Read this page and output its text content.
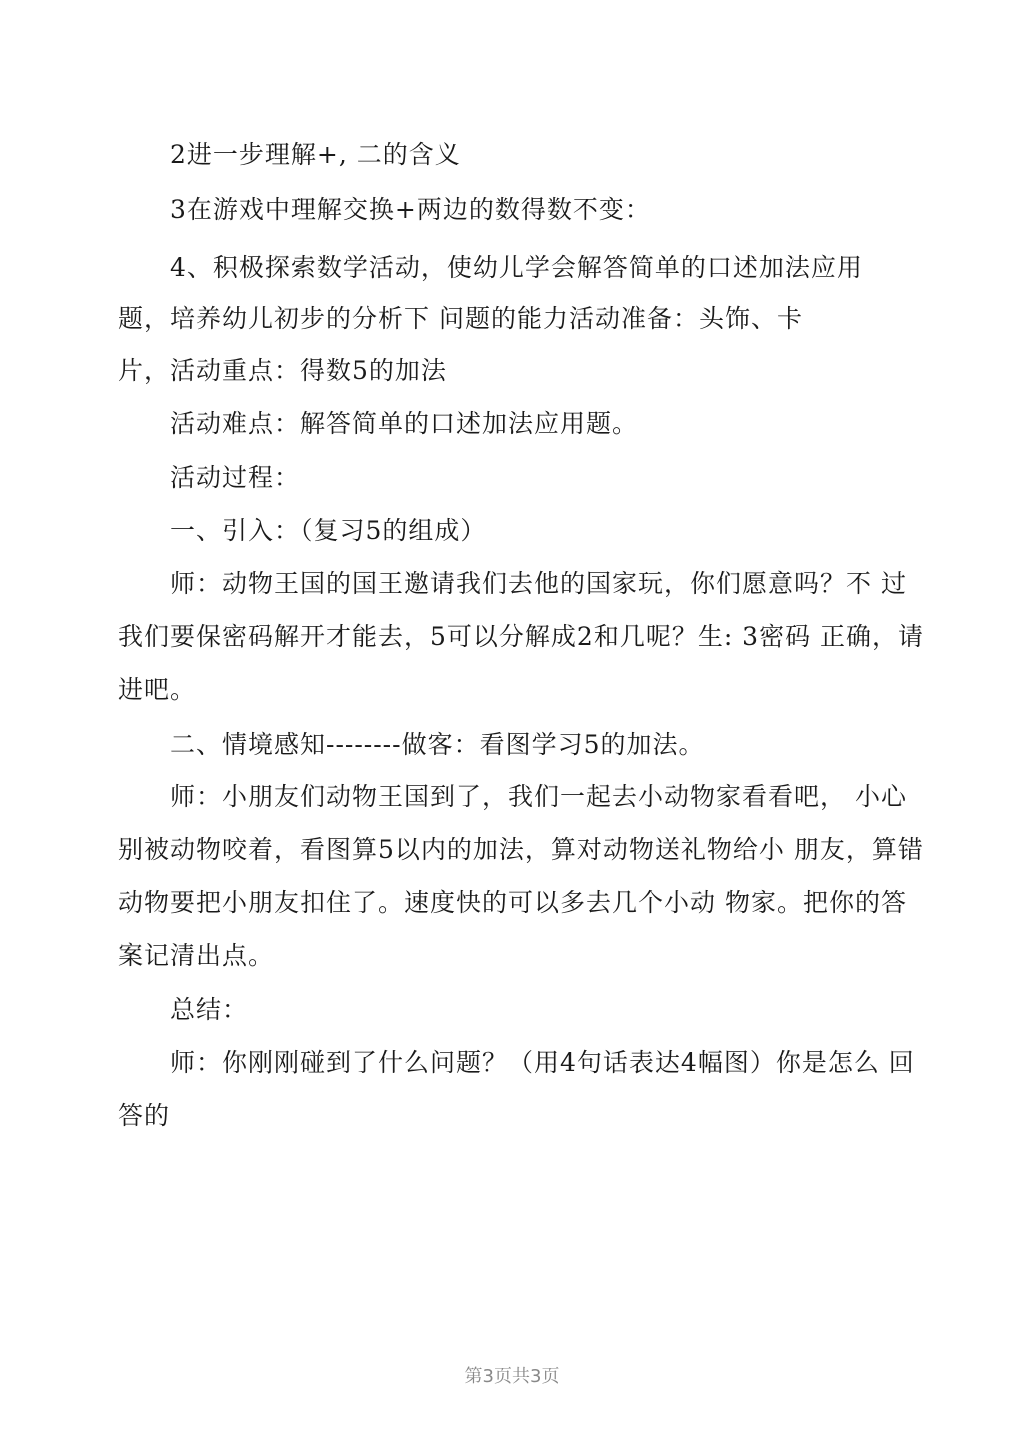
2进一步理解+, 二的含义
3在游戏中理解交换+两边的数得数不变：
4、积极探索数学活动，使幼儿学会解答简单的口述加法应用
题，培养幼儿初步的分析下 问题的能力活动准备：头饰、卡
片，活动重点：得数5的加法
活动难点：解答简单的口述加法应用题。
活动过程：
一、引入：（复习5的组成）
师：动物王国的国王邀请我们去他的国家玩，你们愿意吗？不 过
我们要保密码解开才能去，5可以分解成2和几呢？生: 3密码 正确，请
进吧。
二、情境感知--------做客：看图学习5的加法。
师：小朋友们动物王国到了，我们一起去小动物家看看吧， 小心
别被动物咬着，看图算5以内的加法，算对动物送礼物给小 朋友，算错
动物要把小朋友扣住了。速度快的可以多去几个小动 物家。把你的答
案记清出点。
总结：
师：你刚刚碰到了什么问题？（用4句话表达4幅图）你是怎么 回
答的
第3页共3页
